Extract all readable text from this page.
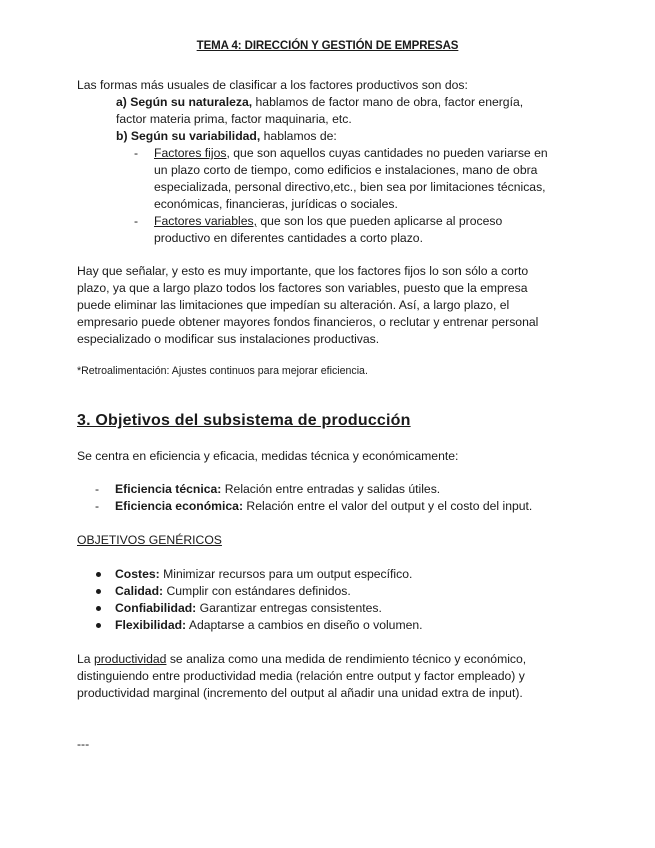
TEMA 4: DIRECCIÓN Y GESTIÓN DE EMPRESAS

Las formas más usuales de clasificar a los factores productivos son dos:

a) Según su naturaleza, hablamos de factor mano de obra, factor energía,

factor materia prima, factor maquinaria, etc.

b) Según su variabilidad, hablamos de:

- Factores fijos, que son aquellos cuyas cantidades no pueden variarse en

un plazo corto de tiempo, como edificios e instalaciones, mano de obra

especializada, personal directivo,etc., bien sea por limitaciones técnicas,

económicas, financieras, jurídicas o sociales.

- Factores variables, que son los que pueden aplicarse al proceso

productivo en diferentes cantidades a corto plazo.

Hay que señalar, y esto es muy importante, que los factores fijos lo son sólo a corto

plazo, ya que a largo plazo todos los factores son variables, puesto que la empresa

puede eliminar las limitaciones que impedían su alteración. Así, a largo plazo, el

empresario puede obtener mayores fondos financieros, o reclutar y entrenar personal

especializado o modificar sus instalaciones productivas.

*Retroalimentación: Ajustes continuos para mejorar eficiencia.
3. Objetivos del subsistema de producción
Se centra en eficiencia y eficacia, medidas técnica y económicamente:
- Eficiencia técnica: Relación entre entradas y salidas útiles.
- Eficiencia económica: Relación entre el valor del output y el costo del input.
OBJETIVOS GENÉRICOS
Costes: Minimizar recursos para um output específico.
Calidad: Cumplir con estándares definidos.
Confiabilidad: Garantizar entregas consistentes.
Flexibilidad: Adaptarse a cambios en diseño o volumen.

La productividad se analiza como una medida de rendimiento técnico y económico,

distinguiendo entre productividad media (relación entre output y factor empleado) y

productividad marginal (incremento del output al añadir una unidad extra de input).

---
